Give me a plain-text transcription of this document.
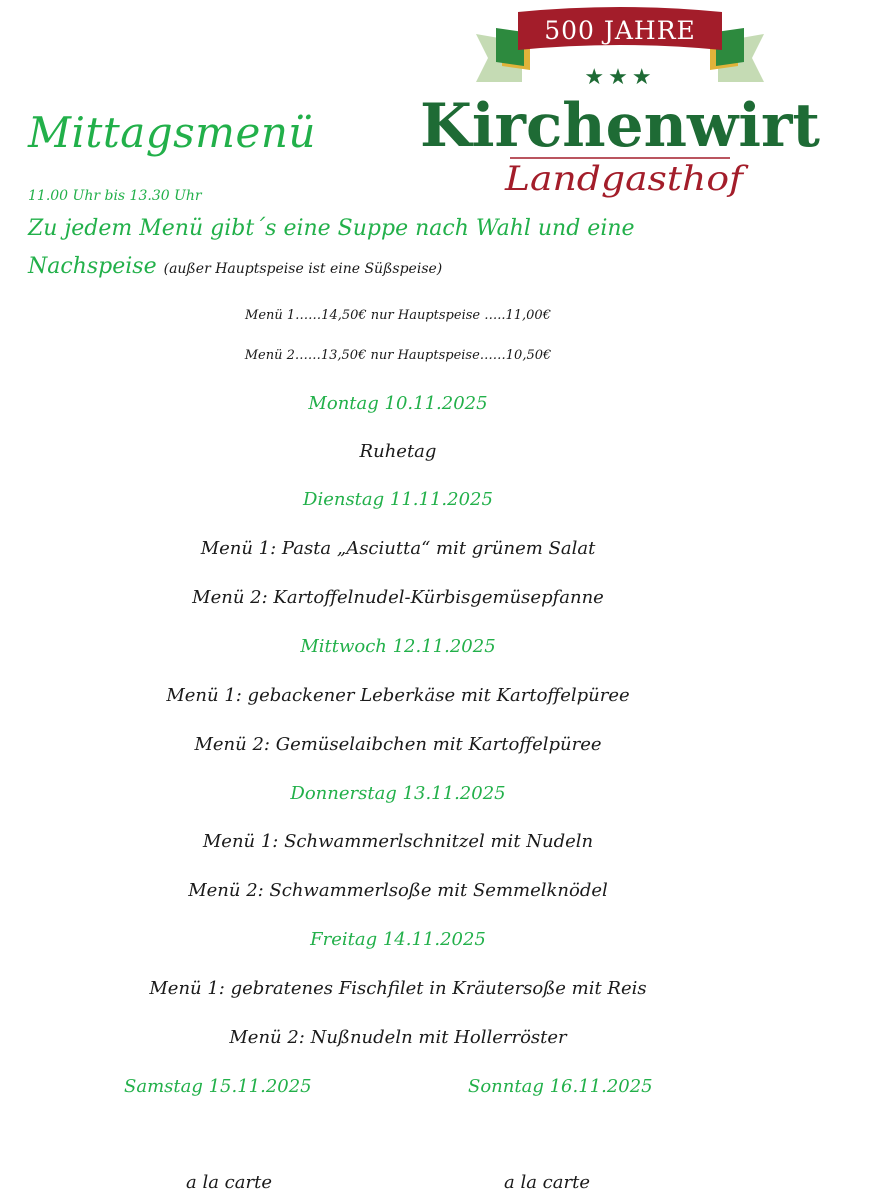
500 JAHRE
★★★
Kirchenwirt
Landgasthof
Mittagsmenü
11.00 Uhr bis 13.30 Uhr
Zu jedem Menü gibt´s eine Suppe nach Wahl und eine
Nachspeise (außer Hauptspeise ist eine Süßspeise)
Menü 1……14,50€ nur Hauptspeise …..11,00€
Menü 2……13,50€ nur Hauptspeise……10,50€
Montag 10.11.2025
Ruhetag
Dienstag 11.11.2025
Menü 1: Pasta „Asciutta“ mit grünem Salat
Menü 2: Kartoffelnudel-Kürbisgemüsepfanne
Mittwoch 12.11.2025
Menü 1: gebackener Leberkäse mit Kartoffelpüree
Menü 2: Gemüselaibchen mit Kartoffelpüree
Donnerstag 13.11.2025
Menü 1: Schwammerlschnitzel mit Nudeln
Menü 2: Schwammerlsoße mit Semmelknödel
Freitag 14.11.2025
Menü 1: gebratenes Fischfilet in Kräutersoße mit Reis
Menü 2: Nußnudeln mit Hollerröster
Samstag 15.11.2025	Sonntag 16.11.2025
a la carte	a la carte
